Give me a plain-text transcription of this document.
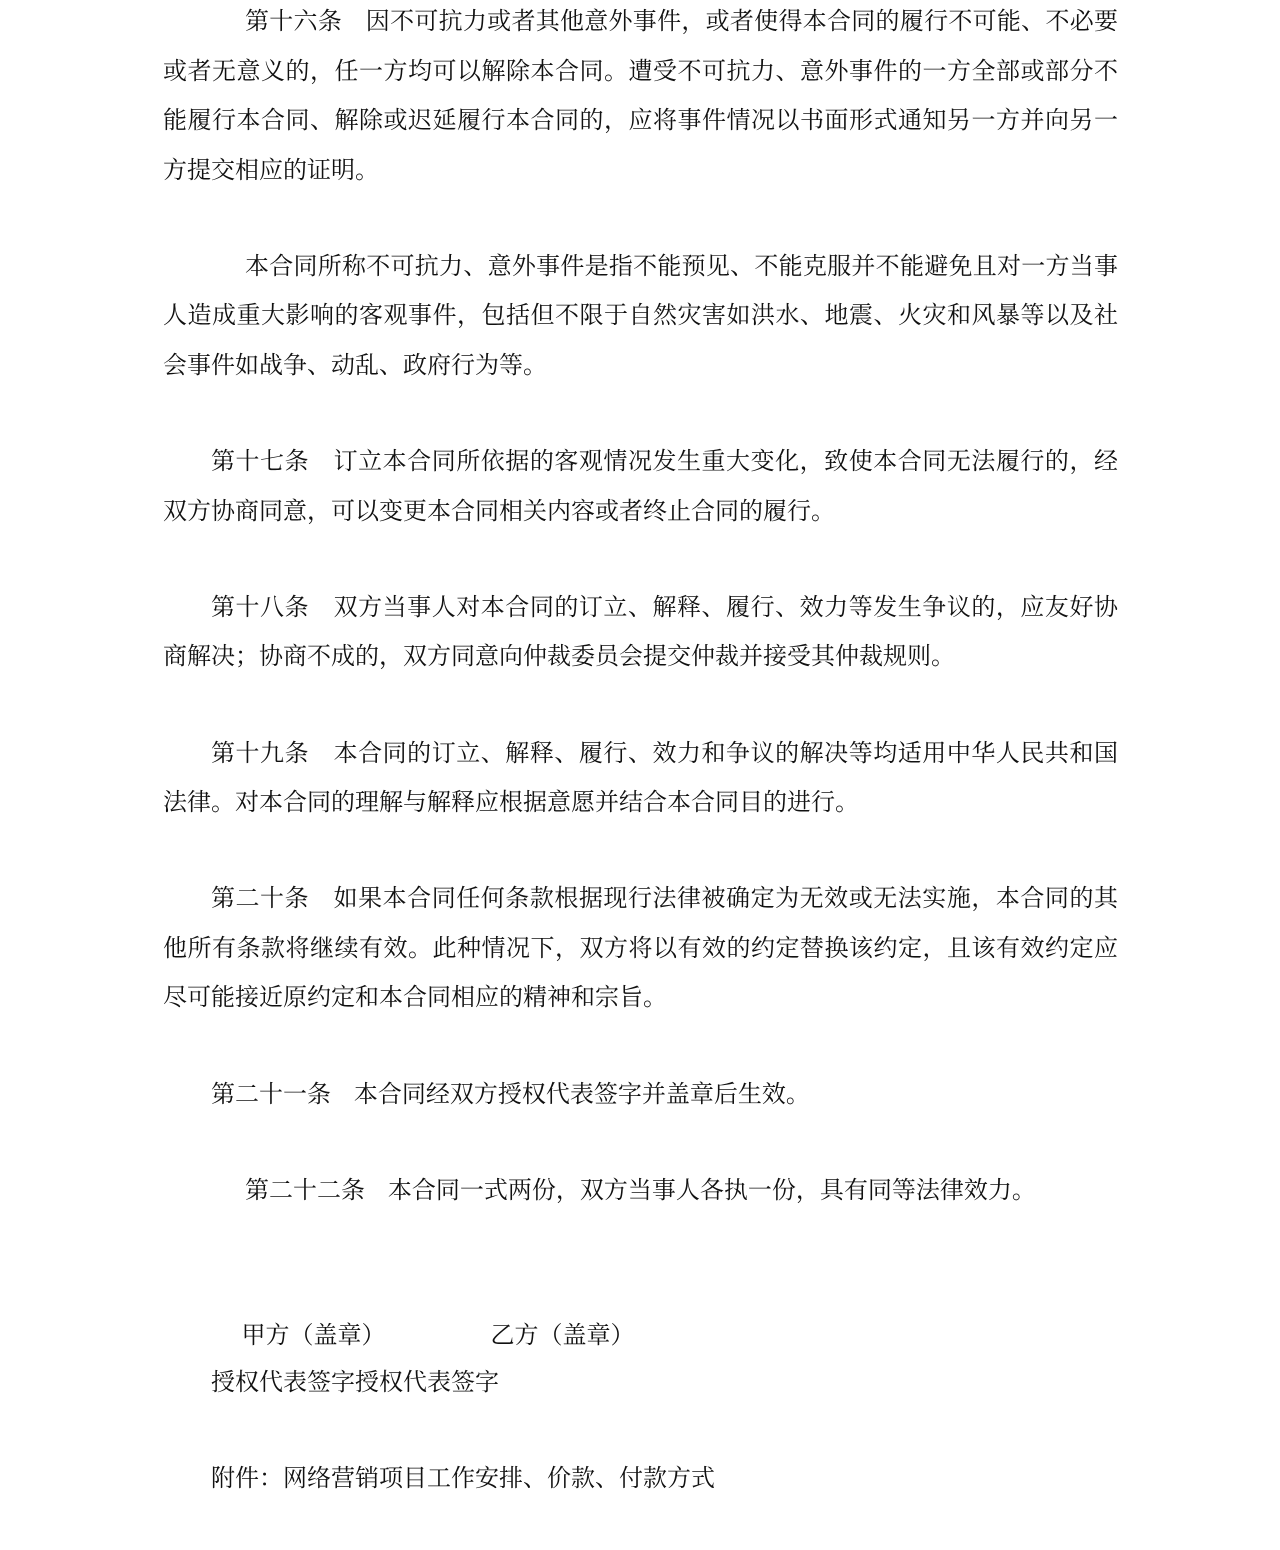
第十六条   因不可抗力或者其他意外事件，或者使得本合同的履行不可能、不必要
或者无意义的，任一方均可以解除本合同。遭受不可抗力、意外事件的一方全部或部分不
能履行本合同、解除或迟延履行本合同的，应将事件情况以书面形式通知另一方并向另一
方提交相应的证明。
本合同所称不可抗力、意外事件是指不能预见、不能克服并不能避免且对一方当事
人造成重大影响的客观事件，包括但不限于自然灾害如洪水、地震、火灾和风暴等以及社
会事件如战争、动乱、政府行为等。
第十七条   订立本合同所依据的客观情况发生重大变化，致使本合同无法履行的，经
双方协商同意，可以变更本合同相关内容或者终止合同的履行。
第十八条   双方当事人对本合同的订立、解释、履行、效力等发生争议的，应友好协
商解决；协商不成的，双方同意向仲裁委员会提交仲裁并接受其仲裁规则。
第十九条   本合同的订立、解释、履行、效力和争议的解决等均适用中华人民共和国
法律。对本合同的理解与解释应根据意愿并结合本合同目的进行。
第二十条   如果本合同任何条款根据现行法律被确定为无效或无法实施，本合同的其
他所有条款将继续有效。此种情况下，双方将以有效的约定替换该约定，且该有效约定应
尽可能接近原约定和本合同相应的精神和宗旨。
第二十一条   本合同经双方授权代表签字并盖章后生效。
第二十二条   本合同一式两份，双方当事人各执一份，具有同等法律效力。

甲方（盖章）	乙方（盖章）

授权代表签字授权代表签字
附件：网络营销项目工作安排、价款、付款方式
